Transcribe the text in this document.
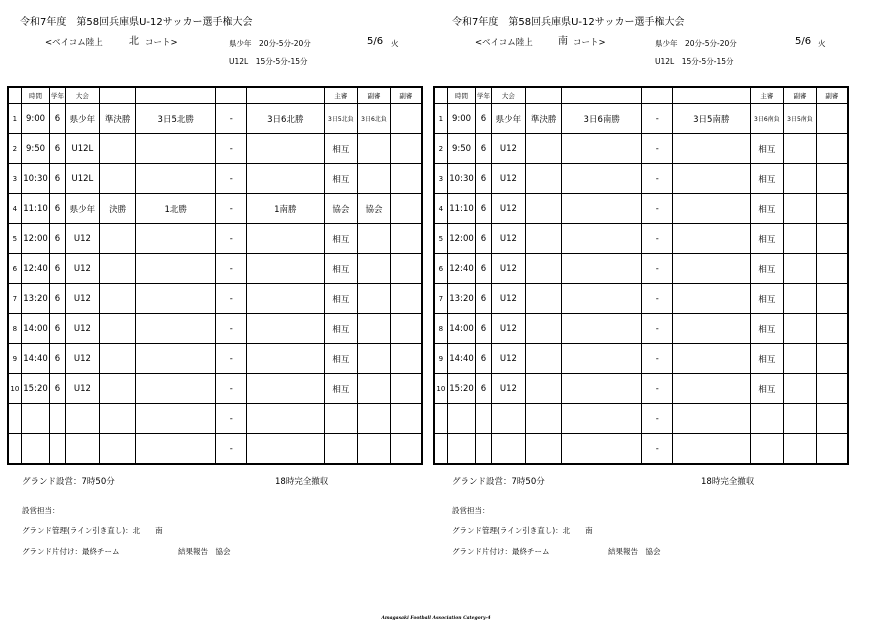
令和7年度　第58回兵庫県U-12サッカー選手権大会
<ベイコム陸上	北 コート>	県少年　20分-5分-20分
U12L　15分-5分-15分
5/6 火
	時間	学年	大会					主審	副審	副審
1	9:00	6	県少年	準決勝	3日5北勝	-	3日6北勝	3日5北負	3日6北負	
2	9:50	6	U12L			-		相互		
3	10:30	6	U12L			-		相互		
4	11:10	6	県少年	決勝	1北勝	-	1南勝	協会	協会	
5	12:00	6	U12			-		相互		
6	12:40	6	U12			-		相互		
7	13:20	6	U12			-		相互		
8	14:00	6	U12			-		相互		
9	14:40	6	U12			-		相互		
10	15:20	6	U12			-		相互		
						-				
						-				
グランド設営：7時50分	18時完全撤収
設営担当：
グランド管理(ライン引き直し)：北　　南
グランド片付け：最終チーム	結果報告　協会
令和7年度　第58回兵庫県U-12サッカー選手権大会
<ベイコム陸上	南 コート>	県少年　20分-5分-20分
U12L　15分-5分-15分
5/6 火
	時間	学年	大会					主審	副審	副審
1	9:00	6	県少年	準決勝	3日6南勝	-	3日5南勝	3日6南負	3日5南負	
2	9:50	6	U12			-		相互		
3	10:30	6	U12			-		相互		
4	11:10	6	U12			-		相互		
5	12:00	6	U12			-		相互		
6	12:40	6	U12			-		相互		
7	13:20	6	U12			-		相互		
8	14:00	6	U12			-		相互		
9	14:40	6	U12			-		相互		
10	15:20	6	U12			-		相互		
						-				
						-				
グランド設営：7時50分	18時完全撤収
設営担当：
グランド管理(ライン引き直し)：北　　南
グランド片付け：最終チーム	結果報告　協会
Amagasaki Football Association Category-4
